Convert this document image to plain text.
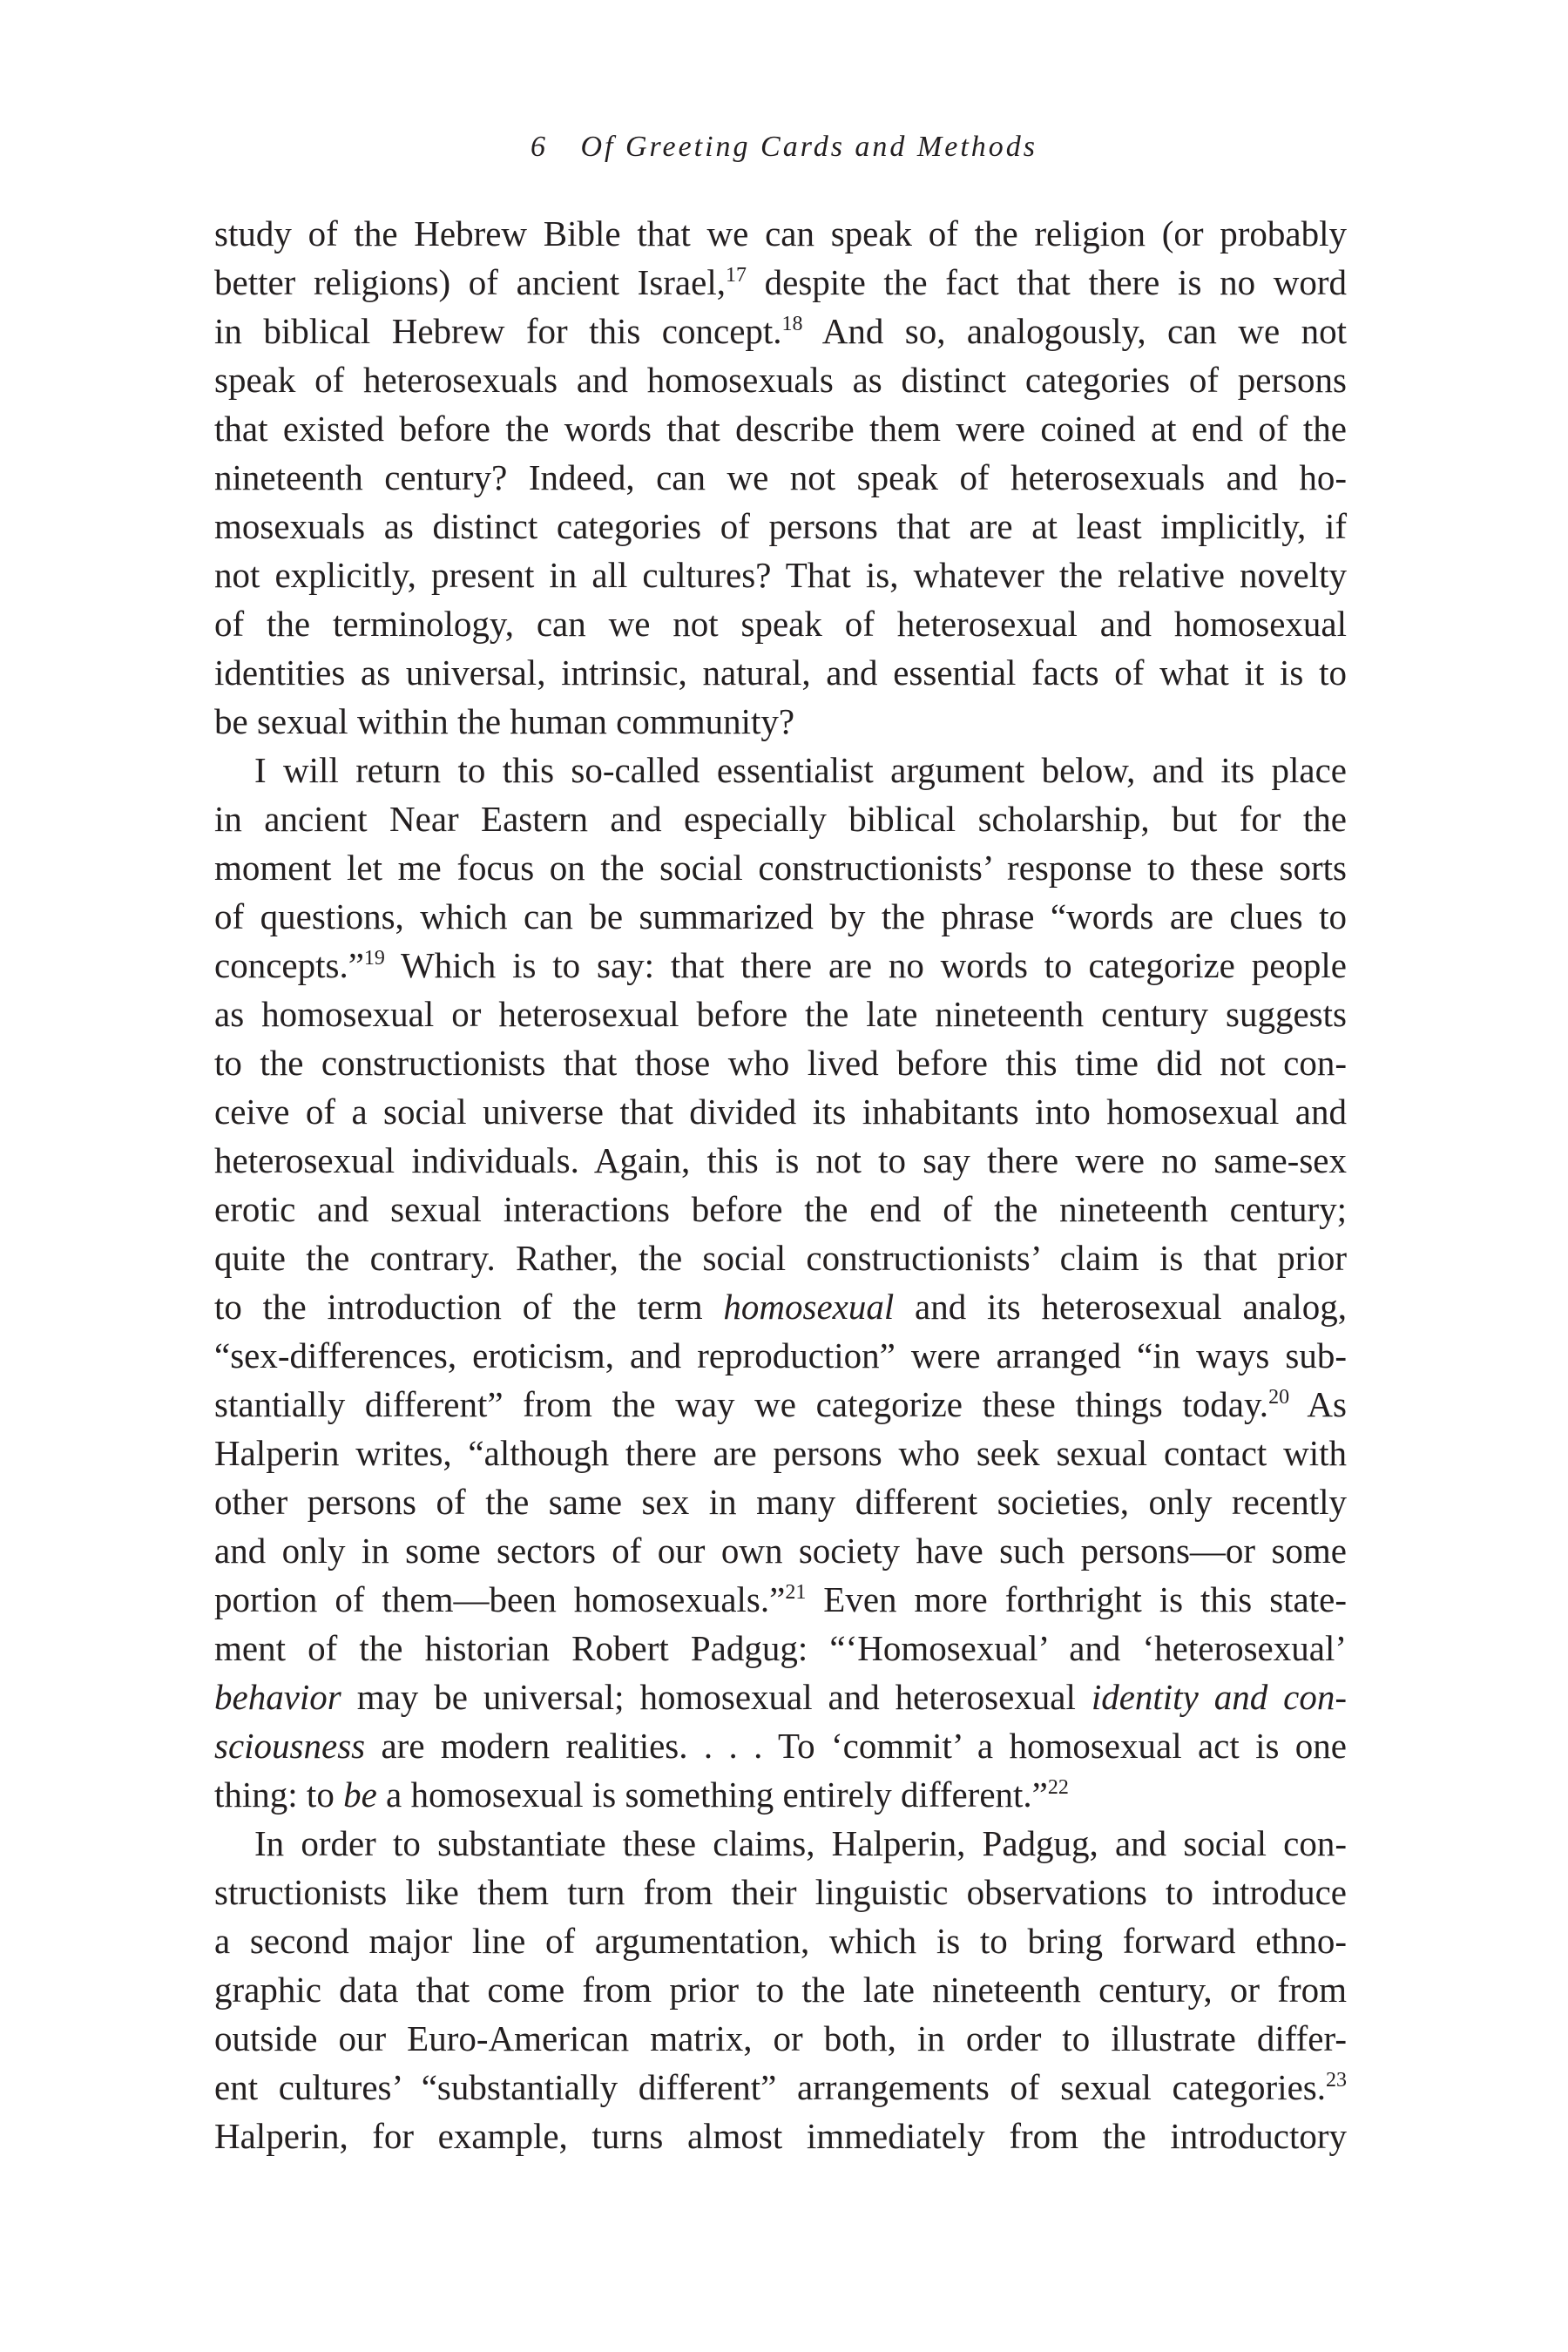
6 Of Greeting Cards and Methods
study of the Hebrew Bible that we can speak of the religion (or probably
better religions) of ancient Israel,$^{17}$ despite the fact that there is no word
in biblical Hebrew for this concept.$^{18}$ And so, analogously, can we not
speak of heterosexuals and homosexuals as distinct categories of persons
that existed before the words that describe them were coined at end of the
nineteenth century? Indeed, can we not speak of heterosexuals and ho-
mosexuals as distinct categories of persons that are at least implicitly, if
not explicitly, present in all cultures? That is, whatever the relative novelty
of the terminology, can we not speak of heterosexual and homosexual
identities as universal, intrinsic, natural, and essential facts of what it is to
be sexual within the human community?
I will return to this so-called essentialist argument below, and its place
in ancient Near Eastern and especially biblical scholarship, but for the
moment let me focus on the social constructionists’ response to these sorts
of questions, which can be summarized by the phrase “words are clues to
concepts.”$^{19}$ Which is to say: that there are no words to categorize people
as homosexual or heterosexual before the late nineteenth century suggests
to the constructionists that those who lived before this time did not con-
ceive of a social universe that divided its inhabitants into homosexual and
heterosexual individuals. Again, this is not to say there were no same-sex
erotic and sexual interactions before the end of the nineteenth century;
quite the contrary. Rather, the social constructionists’ claim is that prior
to the introduction of the term homosexual and its heterosexual analog,
“sex-differences, eroticism, and reproduction” were arranged “in ways sub-
stantially different” from the way we categorize these things today.$^{20}$ As
Halperin writes, “although there are persons who seek sexual contact with
other persons of the same sex in many different societies, only recently
and only in some sectors of our own society have such persons—or some
portion of them—been homosexuals.”$^{21}$ Even more forthright is this state-
ment of the historian Robert Padgug: “‘Homosexual’ and ‘heterosexual’
behavior may be universal; homosexual and heterosexual identity and con-
sciousness are modern realities. . . . To ‘commit’ a homosexual act is one
thing: to be a homosexual is something entirely different.”$^{22}$
In order to substantiate these claims, Halperin, Padgug, and social con-
structionists like them turn from their linguistic observations to introduce
a second major line of argumentation, which is to bring forward ethno-
graphic data that come from prior to the late nineteenth century, or from
outside our Euro-American matrix, or both, in order to illustrate differ-
ent cultures’ “substantially different” arrangements of sexual categories.$^{23}$
Halperin, for example, turns almost immediately from the introductory
